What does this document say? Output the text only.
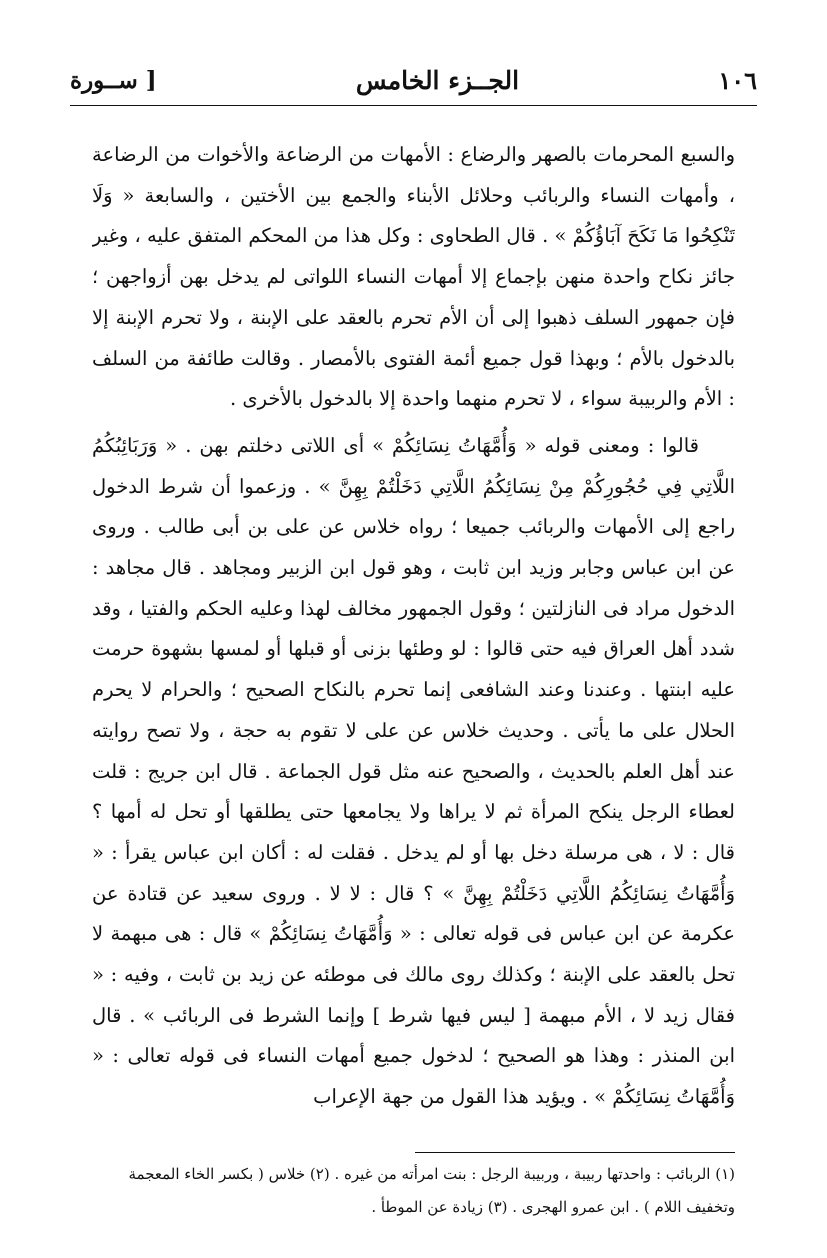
١٠٦
الجــزء الخامس
[ ســورة

والسبع المحرمات بالصهر والرضاع : الأمهات من الرضاعة والأخوات من الرضاعة ، وأمهات النساء والربائب وحلائل الأبناء والجمع بين الأختين ، والسابعة « وَلَا تَنْكِحُوا مَا نَكَحَ آبَاؤُكُمْ » . قال الطحاوى : وكل هذا من المحكم المتفق عليه ، وغير جائز نكاح واحدة منهن بإجماع إلا أمهات النساء اللواتى لم يدخل بهن أزواجهن ؛ فإن جمهور السلف ذهبوا إلى أن الأم تحرم بالعقد على الإبنة ، ولا تحرم الإبنة إلا بالدخول بالأم ؛ وبهذا قول جميع أئمة الفتوى بالأمصار . وقالت طائفة من السلف : الأم والربيبة سواء ، لا تحرم منهما واحدة إلا بالدخول بالأخرى .

قالوا : ومعنى قوله « وَأُمَّهَاتُ نِسَائِكُمْ » أى اللاتى دخلتم بهن . « وَرَبَائِبُكُمُ اللَّاتِي فِي حُجُورِكُمْ مِنْ نِسَائِكُمُ اللَّاتِي دَخَلْتُمْ بِهِنَّ » . وزعموا أن شرط الدخول راجع إلى الأمهات والربائب جميعا ؛ رواه خلاس عن على بن أبى طالب . وروى عن ابن عباس وجابر وزيد ابن ثابت ، وهو قول ابن الزبير ومجاهد . قال مجاهد : الدخول مراد فى النازلتين ؛ وقول الجمهور مخالف لهذا وعليه الحكم والفتيا ، وقد شدد أهل العراق فيه حتى قالوا : لو وطئها بزنى أو قبلها أو لمسها بشهوة حرمت عليه ابنتها . وعندنا وعند الشافعى إنما تحرم بالنكاح الصحيح ؛ والحرام لا يحرم الحلال على ما يأتى . وحديث خلاس عن على لا تقوم به حجة ، ولا تصح روايته عند أهل العلم بالحديث ، والصحيح عنه مثل قول الجماعة . قال ابن جريج : قلت لعطاء الرجل ينكح المرأة ثم لا يراها ولا يجامعها حتى يطلقها أو تحل له أمها ؟ قال : لا ، هى مرسلة دخل بها أو لم يدخل . فقلت له : أكان ابن عباس يقرأ : « وَأُمَّهَاتُ نِسَائِكُمُ اللَّاتِي دَخَلْتُمْ بِهِنَّ » ؟ قال : لا لا . وروى سعيد عن قتادة عن عكرمة عن ابن عباس فى قوله تعالى : « وَأُمَّهَاتُ نِسَائِكُمْ » قال : هى مبهمة لا تحل بالعقد على الإبنة ؛ وكذلك روى مالك فى موطئه عن زيد بن ثابت ، وفيه : « فقال زيد لا ، الأم مبهمة [ ليس فيها شرط ] وإنما الشرط فى الربائب » . قال ابن المنذر : وهذا هو الصحيح ؛ لدخول جميع أمهات النساء فى قوله تعالى : « وَأُمَّهَاتُ نِسَائِكُمْ » . ويؤيد هذا القول من جهة الإعراب

(١) الربائب : واحدتها ربيبة ، وربيبة الرجل : بنت امرأته من غيره . (٢) خلاس ( بكسر الخاء المعجمة

وتخفيف اللام ) . ابن عمرو الهجرى . (٣) زيادة عن الموطأ .
